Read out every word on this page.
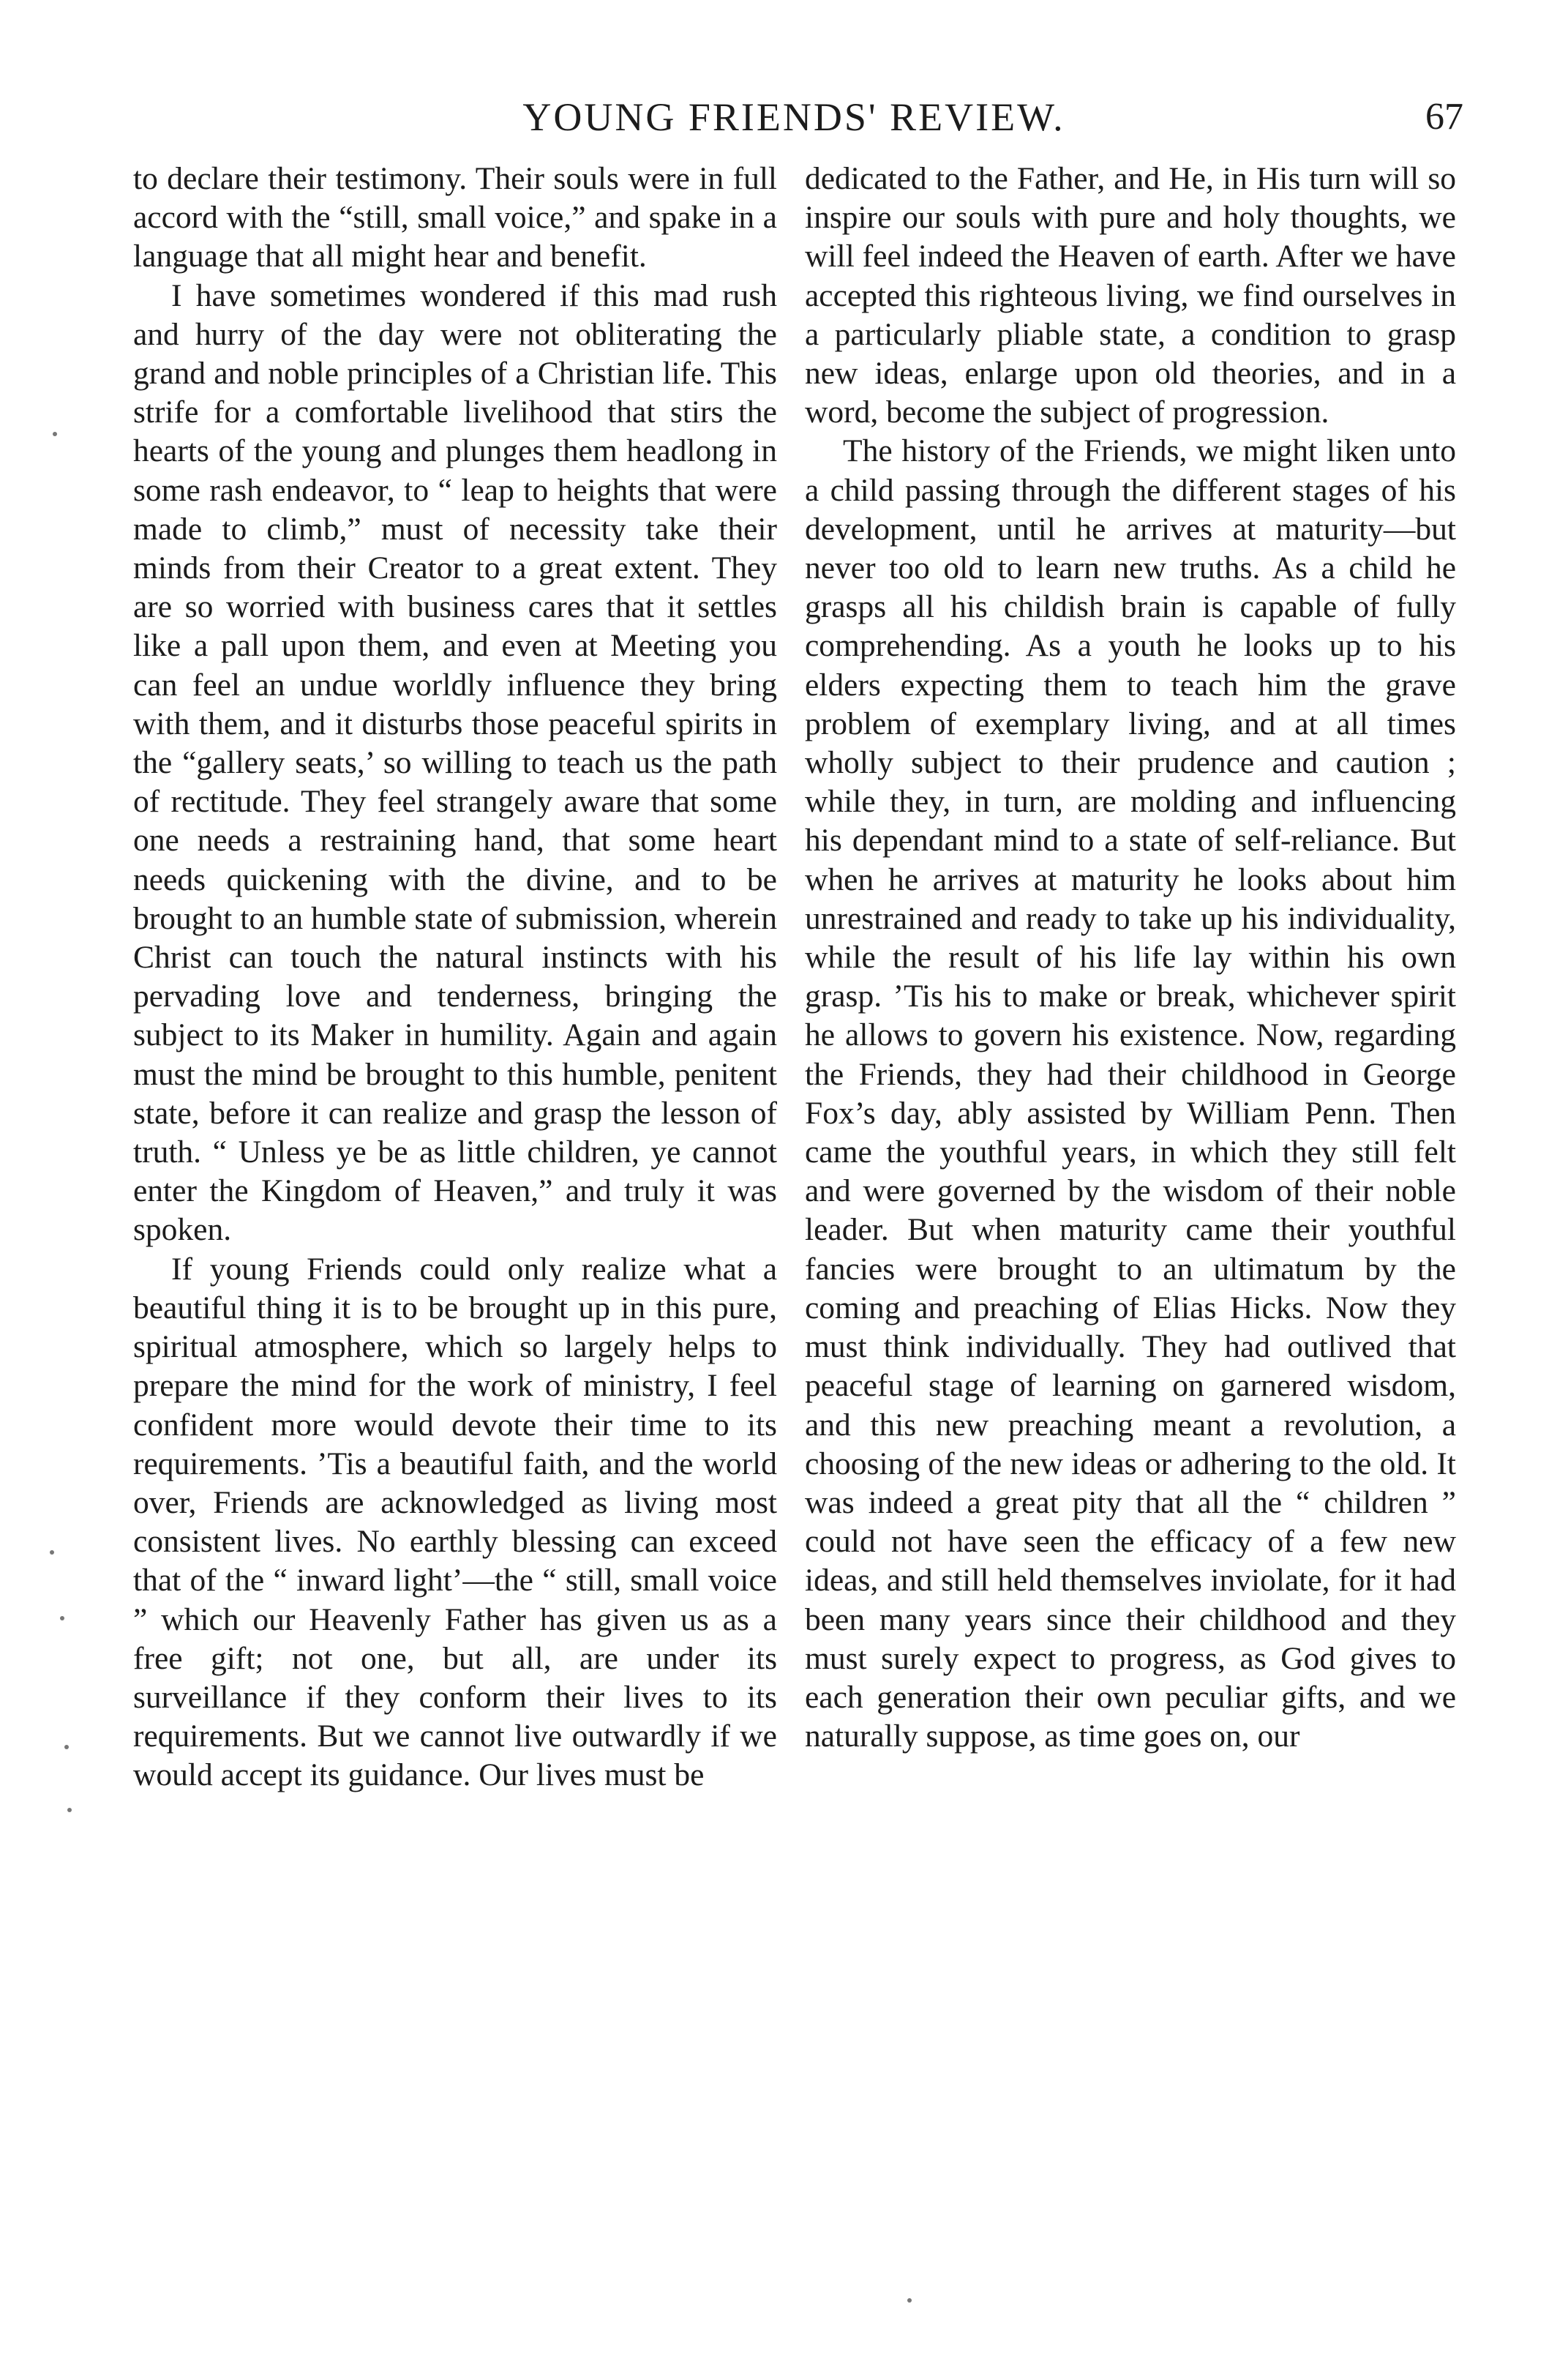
YOUNG FRIENDS' REVIEW.	67

to declare their testimony. Their souls were in full accord with the “still, small voice,” and spake in a language that all might hear and benefit.

I have sometimes wondered if this mad rush and hurry of the day were not obliterating the grand and noble principles of a Christian life. This strife for a comfortable livelihood that stirs the hearts of the young and plunges them headlong in some rash endeavor, to “ leap to heights that were made to climb,” must of necessity take their minds from their Creator to a great extent. They are so worried with business cares that it settles like a pall upon them, and even at Meeting you can feel an undue worldly influence they bring with them, and it disturbs those peaceful spirits in the “gallery seats,’ so willing to teach us the path of rectitude. They feel strangely aware that some one needs a restraining hand, that some heart needs quickening with the divine, and to be brought to an humble state of submission, wherein Christ can touch the natural instincts with his pervading love and tenderness, bringing the subject to its Maker in humility. Again and again must the mind be brought to this humble, penitent state, before it can realize and grasp the lesson of truth. “ Unless ye be as little children, ye cannot enter the Kingdom of Heaven,” and truly it was spoken.

If young Friends could only realize what a beautiful thing it is to be brought up in this pure, spiritual atmosphere, which so largely helps to prepare the mind for the work of ministry, I feel confident more would devote their time to its requirements. ’Tis a beautiful faith, and the world over, Friends are acknowledged as living most consistent lives. No earthly blessing can exceed that of the “ inward light’—the “ still, small voice ” which our Heavenly Father has given us as a free gift; not one, but all, are under its surveillance if they conform their lives to its requirements. But we cannot live outwardly if we would accept its guidance. Our lives must be

dedicated to the Father, and He, in His turn will so inspire our souls with pure and holy thoughts, we will feel indeed the Heaven of earth. After we have accepted this righteous living, we find ourselves in a particularly pliable state, a condition to grasp new ideas, enlarge upon old theories, and in a word, become the subject of progression.

The history of the Friends, we might liken unto a child passing through the different stages of his development, until he arrives at maturity—but never too old to learn new truths. As a child he grasps all his childish brain is capable of fully comprehending. As a youth he looks up to his elders expecting them to teach him the grave problem of exemplary living, and at all times wholly subject to their prudence and caution ; while they, in turn, are molding and influencing his dependant mind to a state of self-reliance. But when he arrives at maturity he looks about him unrestrained and ready to take up his individuality, while the result of his life lay within his own grasp. ’Tis his to make or break, whichever spirit he allows to govern his existence. Now, regarding the Friends, they had their childhood in George Fox’s day, ably assisted by William Penn. Then came the youthful years, in which they still felt and were governed by the wisdom of their noble leader. But when maturity came their youthful fancies were brought to an ultimatum by the coming and preaching of Elias Hicks. Now they must think individually. They had outlived that peaceful stage of learning on garnered wisdom, and this new preaching meant a revolution, a choosing of the new ideas or adhering to the old. It was indeed a great pity that all the “ children ” could not have seen the efficacy of a few new ideas, and still held themselves inviolate, for it had been many years since their childhood and they must surely expect to progress, as God gives to each generation their own peculiar gifts, and we naturally suppose, as time goes on, our
